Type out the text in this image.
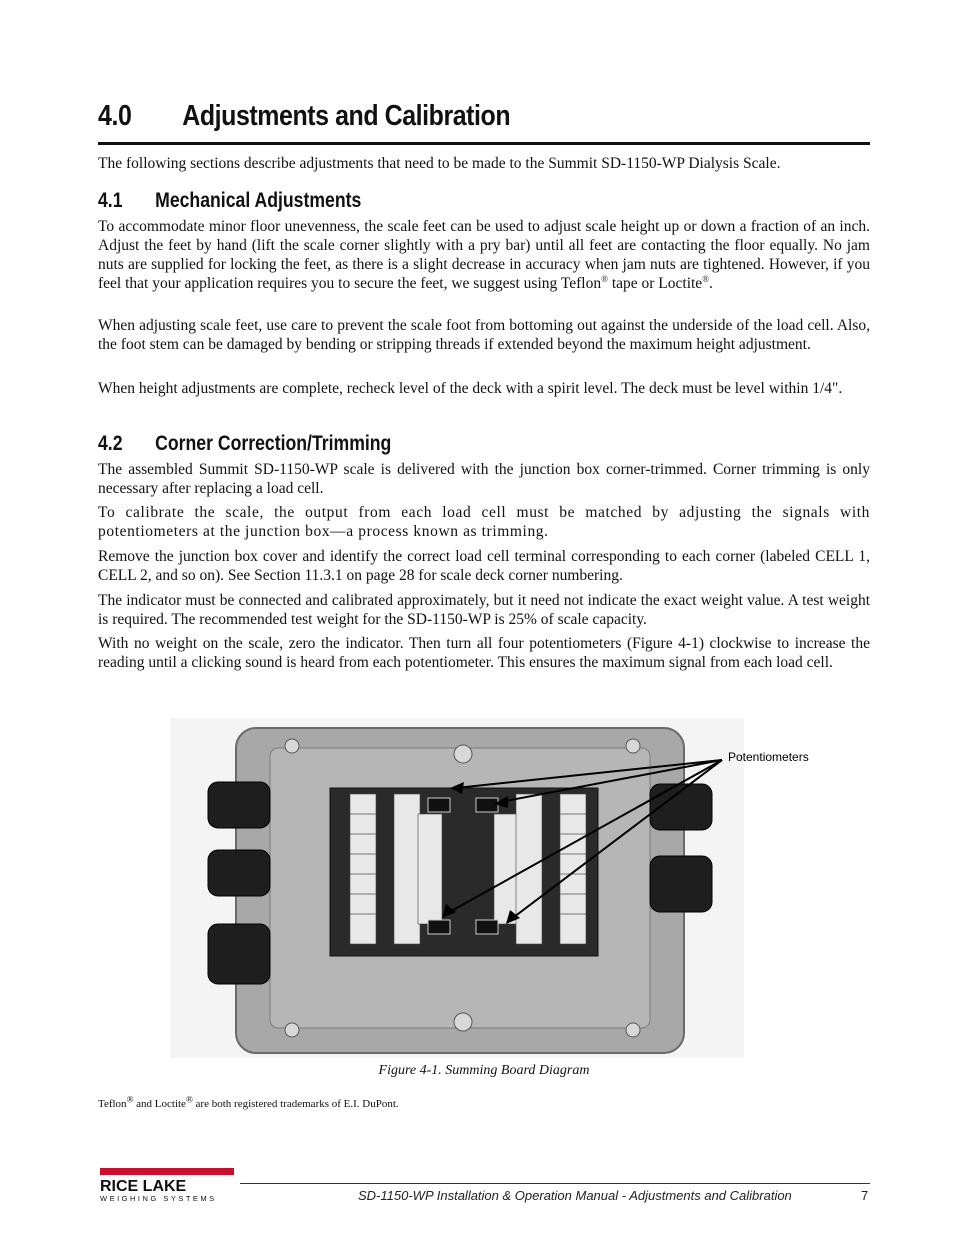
4.0 Adjustments and Calibration
The following sections describe adjustments that need to be made to the Summit SD-1150-WP Dialysis Scale.
4.1 Mechanical Adjustments
To accommodate minor floor unevenness, the scale feet can be used to adjust scale height up or down a fraction of an inch. Adjust the feet by hand (lift the scale corner slightly with a pry bar) until all feet are contacting the floor equally. No jam nuts are supplied for locking the feet, as there is a slight decrease in accuracy when jam nuts are tightened. However, if you feel that your application requires you to secure the feet, we suggest using Teflon® tape or Loctite®.
When adjusting scale feet, use care to prevent the scale foot from bottoming out against the underside of the load cell. Also, the foot stem can be damaged by bending or stripping threads if extended beyond the maximum height adjustment.
When height adjustments are complete, recheck level of the deck with a spirit level. The deck must be level within 1/4".
4.2 Corner Correction/Trimming
The assembled Summit SD-1150-WP scale is delivered with the junction box corner-trimmed. Corner trimming is only necessary after replacing a load cell.
To calibrate the scale, the output from each load cell must be matched by adjusting the signals with potentiometers at the junction box—a process known as trimming.
Remove the junction box cover and identify the correct load cell terminal corresponding to each corner (labeled CELL 1, CELL 2, and so on). See Section 11.3.1 on page 28 for scale deck corner numbering.
The indicator must be connected and calibrated approximately, but it need not indicate the exact weight value. A test weight is required. The recommended test weight for the SD-1150-WP is 25% of scale capacity.
With no weight on the scale, zero the indicator. Then turn all four potentiometers (Figure 4-1) clockwise to increase the reading until a clicking sound is heard from each potentiometer. This ensures the maximum signal from each load cell.
Figure 4-1. Summing Board Diagram
Teflon® and Loctite® are both registered trademarks of E.I. DuPont.
Potentiometers
RICE LAKE
WEIGHING SYSTEMS	SD-1150-WP Installation & Operation Manual - Adjustments and Calibration	7
